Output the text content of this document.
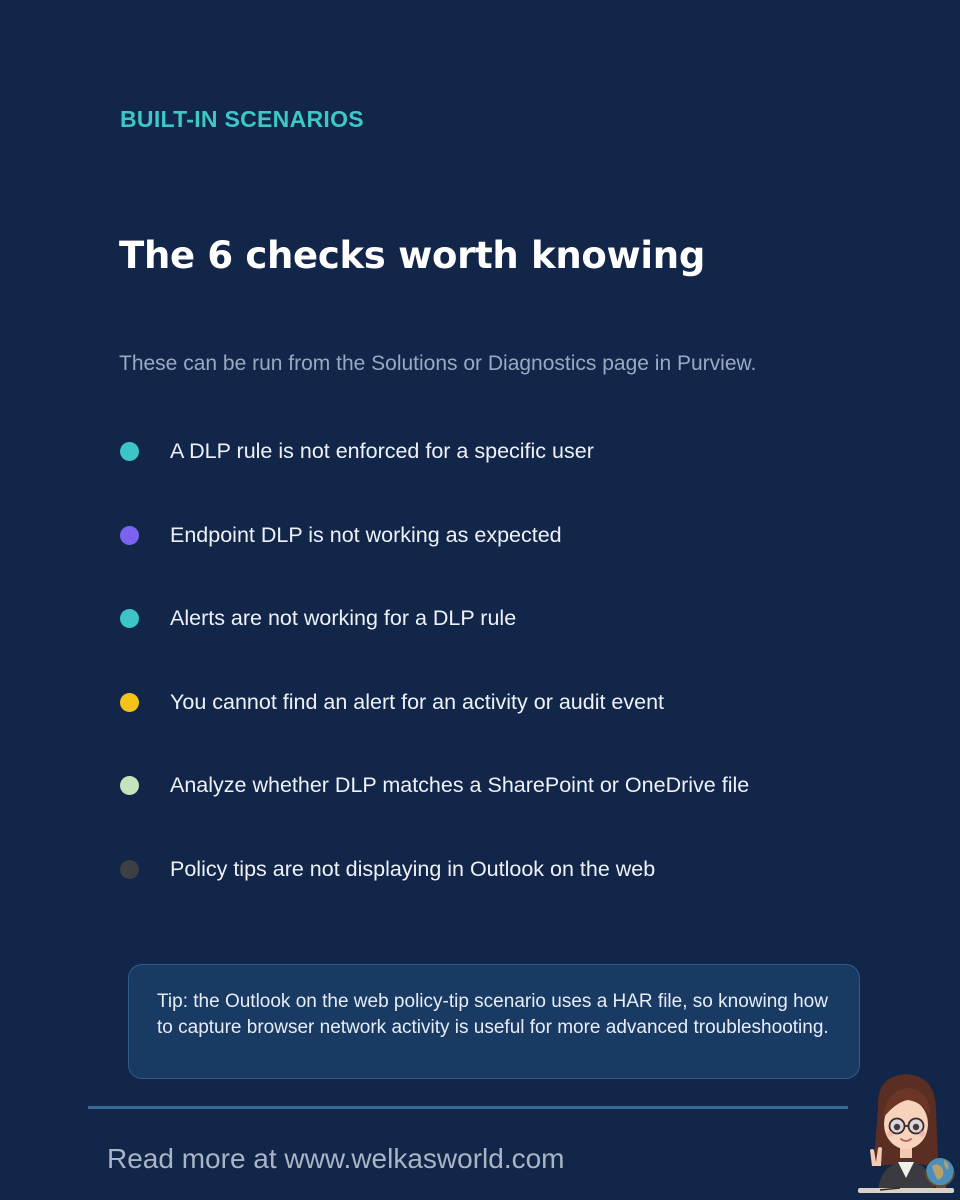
BUILT-IN SCENARIOS
The 6 checks worth knowing
These can be run from the Solutions or Diagnostics page in Purview.
A DLP rule is not enforced for a specific user
Endpoint DLP is not working as expected
Alerts are not working for a DLP rule
You cannot find an alert for an activity or audit event
Analyze whether DLP matches a SharePoint or OneDrive file
Policy tips are not displaying in Outlook on the web
Tip: the Outlook on the web policy-tip scenario uses a HAR file, so knowing how to capture browser network activity is useful for more advanced troubleshooting.
Read more at www.welkasworld.com
